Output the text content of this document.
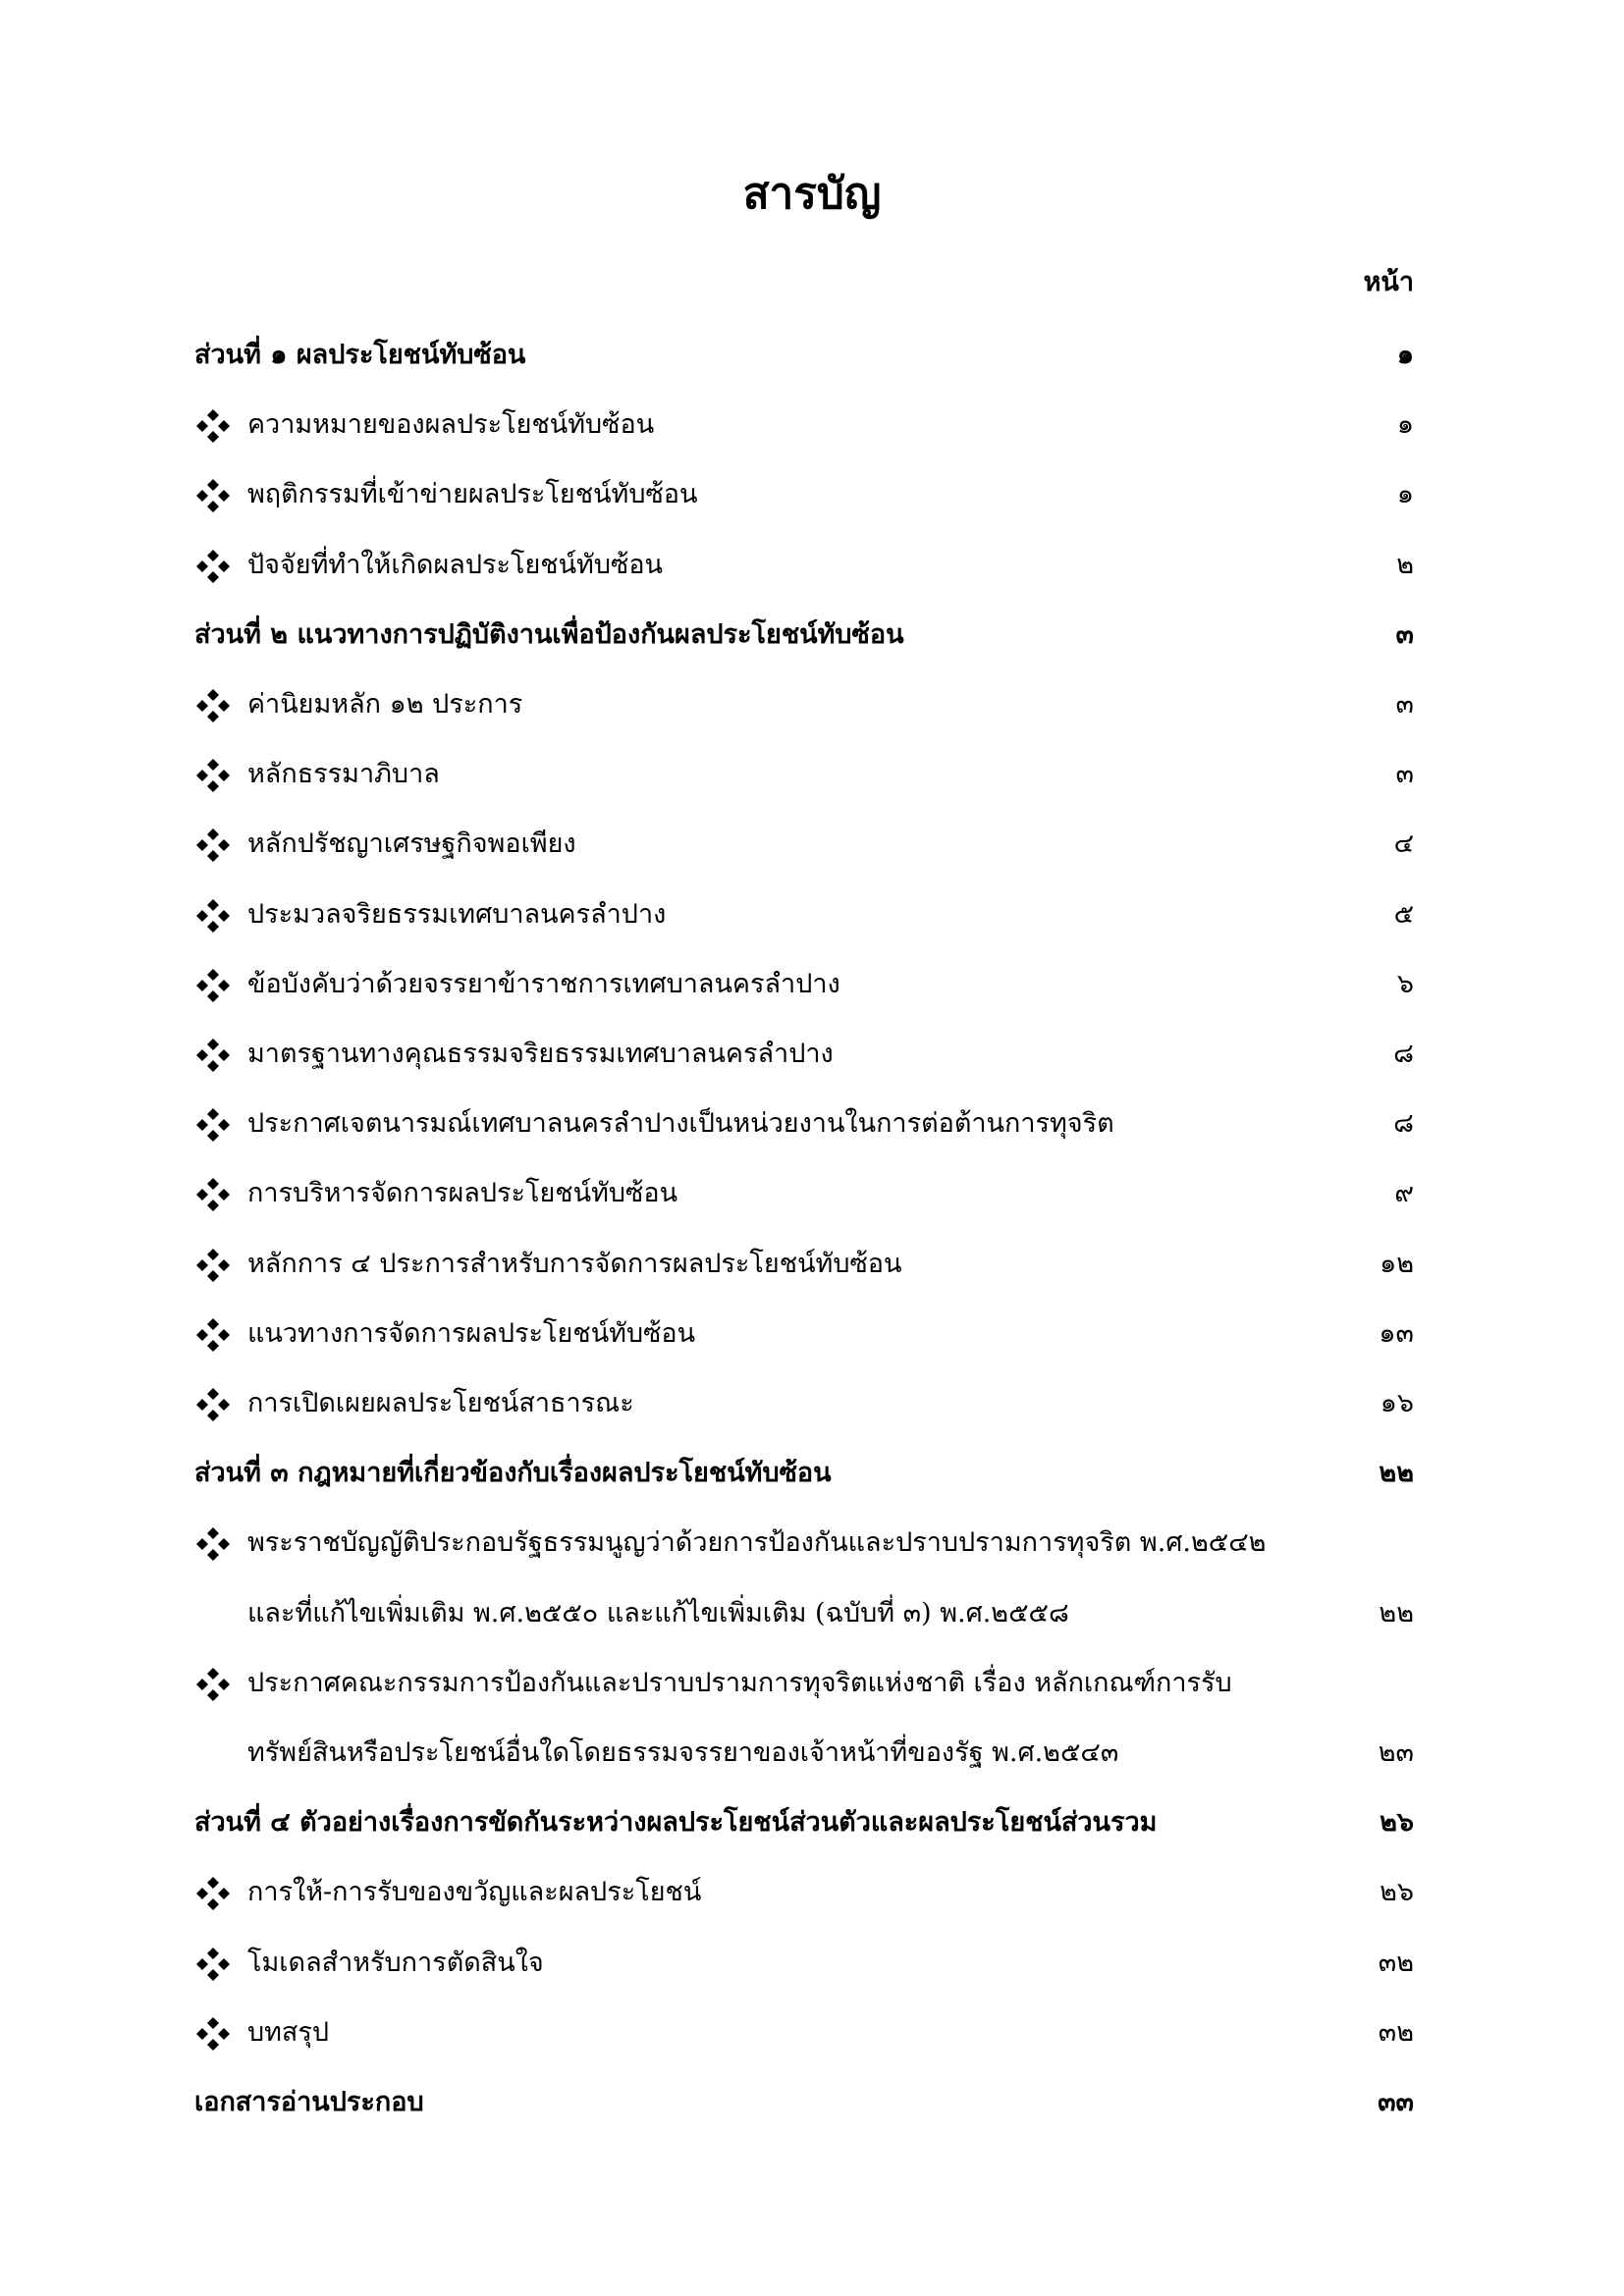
สารบัญ
หน้า
ส่วนที่ ๑ ผลประโยชน์ทับซ้อน	๑
ความหมายของผลประโยชน์ทับซ้อน	๑
พฤติกรรมที่เข้าข่ายผลประโยชน์ทับซ้อน	๑
ปัจจัยที่ทำให้เกิดผลประโยชน์ทับซ้อน	๒
ส่วนที่ ๒ แนวทางการปฏิบัติงานเพื่อป้องกันผลประโยชน์ทับซ้อน	๓
ค่านิยมหลัก ๑๒ ประการ	๓
หลักธรรมาภิบาล	๓
หลักปรัชญาเศรษฐกิจพอเพียง	๔
ประมวลจริยธรรมเทศบาลนครลำปาง	๕
ข้อบังคับว่าด้วยจรรยาข้าราชการเทศบาลนครลำปาง	๖
มาตรฐานทางคุณธรรมจริยธรรมเทศบาลนครลำปาง	๘
ประกาศเจตนารมณ์เทศบาลนครลำปางเป็นหน่วยงานในการต่อต้านการทุจริต	๘
การบริหารจัดการผลประโยชน์ทับซ้อน	๙
หลักการ ๔ ประการสำหรับการจัดการผลประโยชน์ทับซ้อน	๑๒
แนวทางการจัดการผลประโยชน์ทับซ้อน	๑๓
การเปิดเผยผลประโยชน์สาธารณะ	๑๖
ส่วนที่ ๓ กฎหมายที่เกี่ยวข้องกับเรื่องผลประโยชน์ทับซ้อน	๒๒
พระราชบัญญัติประกอบรัฐธรรมนูญว่าด้วยการป้องกันและปราบปรามการทุจริต พ.ศ.๒๕๔๒
และที่แก้ไขเพิ่มเติม พ.ศ.๒๕๕๐ และแก้ไขเพิ่มเติม (ฉบับที่ ๓) พ.ศ.๒๕๕๘	๒๒
ประกาศคณะกรรมการป้องกันและปราบปรามการทุจริตแห่งชาติ เรื่อง หลักเกณฑ์การรับ
ทรัพย์สินหรือประโยชน์อื่นใดโดยธรรมจรรยาของเจ้าหน้าที่ของรัฐ พ.ศ.๒๕๔๓	๒๓
ส่วนที่ ๔ ตัวอย่างเรื่องการขัดกันระหว่างผลประโยชน์ส่วนตัวและผลประโยชน์ส่วนรวม	๒๖
การให้-การรับของขวัญและผลประโยชน์	๒๖
โมเดลสำหรับการตัดสินใจ	๓๒
บทสรุป	๓๒
เอกสารอ่านประกอบ	๓๓
